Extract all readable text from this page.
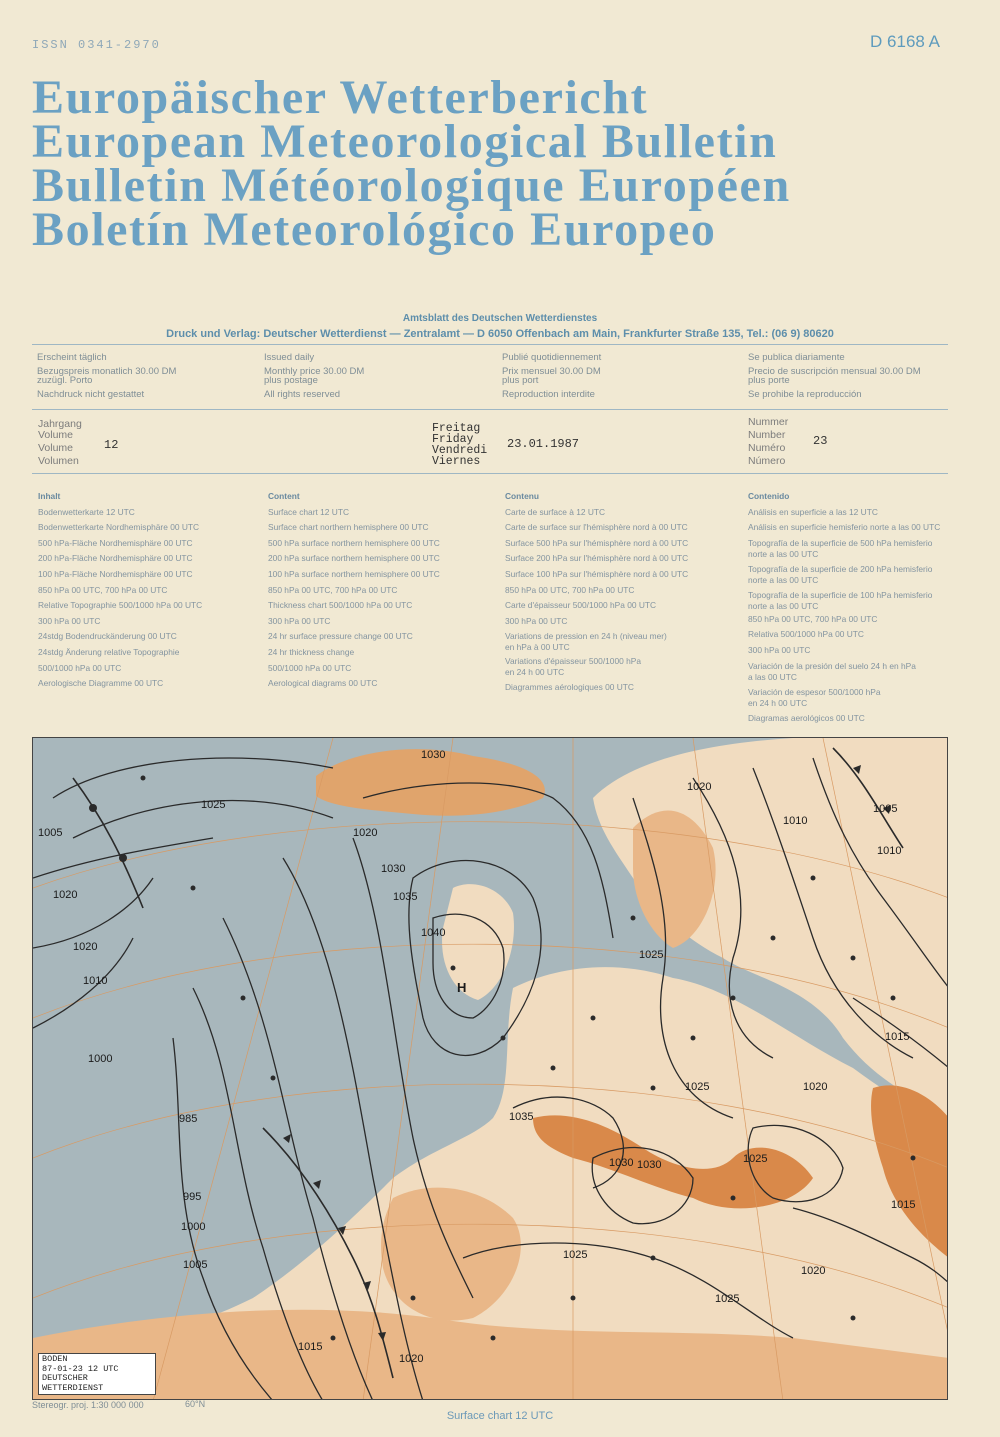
ISSN 0341-2970	D 6168 A
Europäischer Wetterbericht
European Meteorological Bulletin
Bulletin Météorologique Européen
Boletín Meteorológico Europeo
Amtsblatt des Deutschen Wetterdienstes
Druck und Verlag: Deutscher Wetterdienst — Zentralamt — D 6050 Offenbach am Main, Frankfurter Straße 135, Tel.: (06 9) 80620
Erscheint täglich
Bezugspreis monatlich 30.00 DM
zuzügl. Porto
Nachdruck nicht gestattet
Issued daily
Monthly price 30.00 DM
plus postage
All rights reserved
Publié quotidiennement
Prix mensuel 30.00 DM
plus port
Reproduction interdite
Se publica diariamente
Precio de suscripción mensual 30.00 DM
plus porte
Se prohibe la reproducción
Jahrgang
Volume
Volume
Volumen
12
Freitag
Friday
Vendredi
Viernes
23.01.1987
Nummer
Number
Numéro
Número
23
Inhalt
Bodenwetterkarte 12 UTC
Bodenwetterkarte Nordhemisphäre 00 UTC
500 hPa-Fläche Nordhemisphäre 00 UTC
200 hPa-Fläche Nordhemisphäre 00 UTC
100 hPa-Fläche Nordhemisphäre 00 UTC
850 hPa 00 UTC, 700 hPa 00 UTC
Relative Topographie 500/1000 hPa 00 UTC
300 hPa 00 UTC
24stdg Bodendruckänderung 00 UTC
24stdg Änderung relative Topographie
500/1000 hPa 00 UTC
Aerologische Diagramme 00 UTC
Content
Surface chart 12 UTC
Surface chart northern hemisphere 00 UTC
500 hPa surface northern hemisphere 00 UTC
200 hPa surface northern hemisphere 00 UTC
100 hPa surface northern hemisphere 00 UTC
850 hPa 00 UTC, 700 hPa 00 UTC
Thickness chart 500/1000 hPa 00 UTC
300 hPa 00 UTC
24 hr surface pressure change 00 UTC
24 hr thickness change
500/1000 hPa 00 UTC
Aerological diagrams 00 UTC
Contenu
Carte de surface à 12 UTC
Carte de surface sur l'hémisphère nord à 00 UTC
Surface 500 hPa sur l'hémisphère nord à 00 UTC
Surface 200 hPa sur l'hémisphère nord à 00 UTC
Surface 100 hPa sur l'hémisphère nord à 00 UTC
850 hPa 00 UTC, 700 hPa 00 UTC
Carte d'épaisseur 500/1000 hPa 00 UTC
300 hPa 00 UTC
Variations de pression en 24 h (niveau mer)
en hPa à 00 UTC
Variations d'épaisseur 500/1000 hPa
en 24 h 00 UTC
Diagrammes aérologiques 00 UTC
Contenido
Análisis en superficie a las 12 UTC
Análisis en superficie hemisferio norte a las 00 UTC
Topografía de la superficie de 500 hPa hemisferio
norte a las 00 UTC
Topografía de la superficie de 200 hPa hemisferio
norte a las 00 UTC
Topografía de la superficie de 100 hPa hemisferio
norte a las 00 UTC
850 hPa 00 UTC, 700 hPa 00 UTC
Relativa 500/1000 hPa 00 UTC
300 hPa 00 UTC
Variación de la presión del suelo 24 h en hPa
a las 00 UTC
Variación de espesor 500/1000 hPa
en 24 h 00 UTC
Diagramas aerológicos 00 UTC
1030
1025
1020
1020
1005
1020
1010
1000
1030
1035
1040
H
985
995
1000
1005
1015
1020
1035
1030
1025
1020
1025
1010
1005
1010
1015
1020
1025
1015
1020
1025
1030
1025
BODEN
87-01-23 12 UTC
DEUTSCHER WETTERDIENST
Stereogr. proj. 1:30 000 000	60°N
Surface chart 12 UTC
